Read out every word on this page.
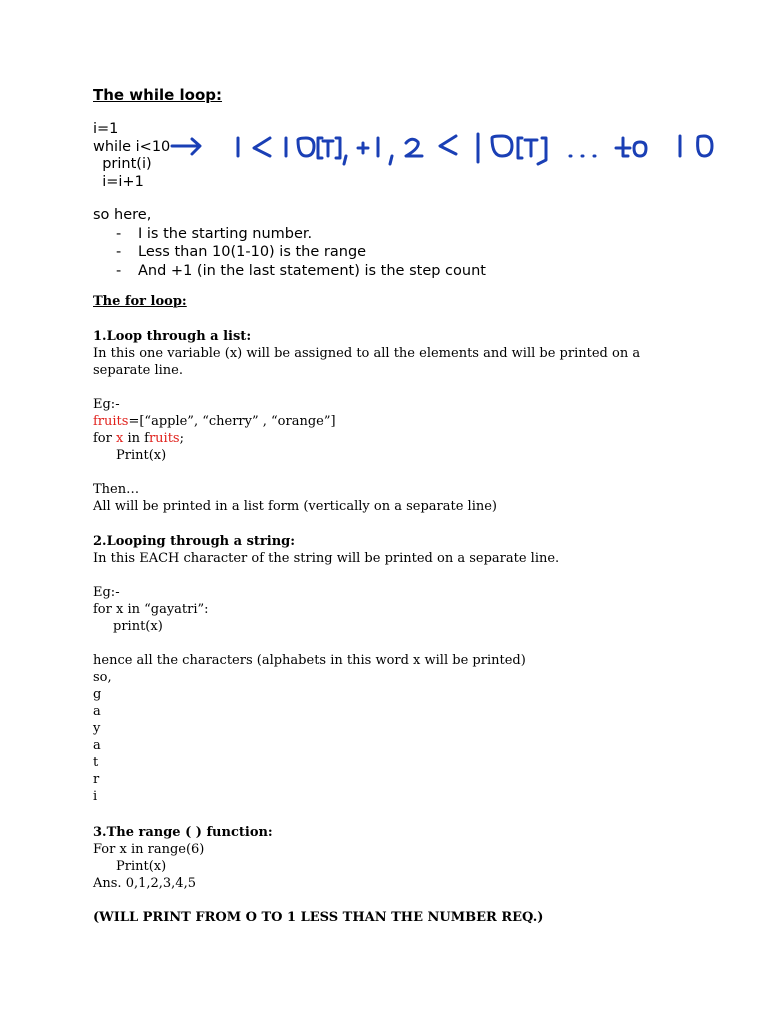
The while loop:
i=1
while i<10
print(i)
i=i+1
so here,
- I is the starting number.
- Less than 10(1-10) is the range
- And +1 (in the last statement) is the step count
The for loop:
1.Loop through a list:
In this one variable (x) will be assigned to all the elements and will be printed on a
separate line.
Eg:-
fruits=[“apple”, “cherry” , “orange”]
for x in fruits;
Print(x)
Then…
All will be printed in a list form (vertically on a separate line)
2.Looping through a string:
In this EACH character of the string will be printed on a separate line.
Eg:-
for x in “gayatri”:
print(x)
hence all the characters (alphabets in this word x will be printed)
so,
g
a
y
a
t
r
i
3.The range ( ) function:
For x in range(6)
Print(x)
Ans. 0,1,2,3,4,5
(WILL PRINT FROM O TO 1 LESS THAN THE NUMBER REQ.)
